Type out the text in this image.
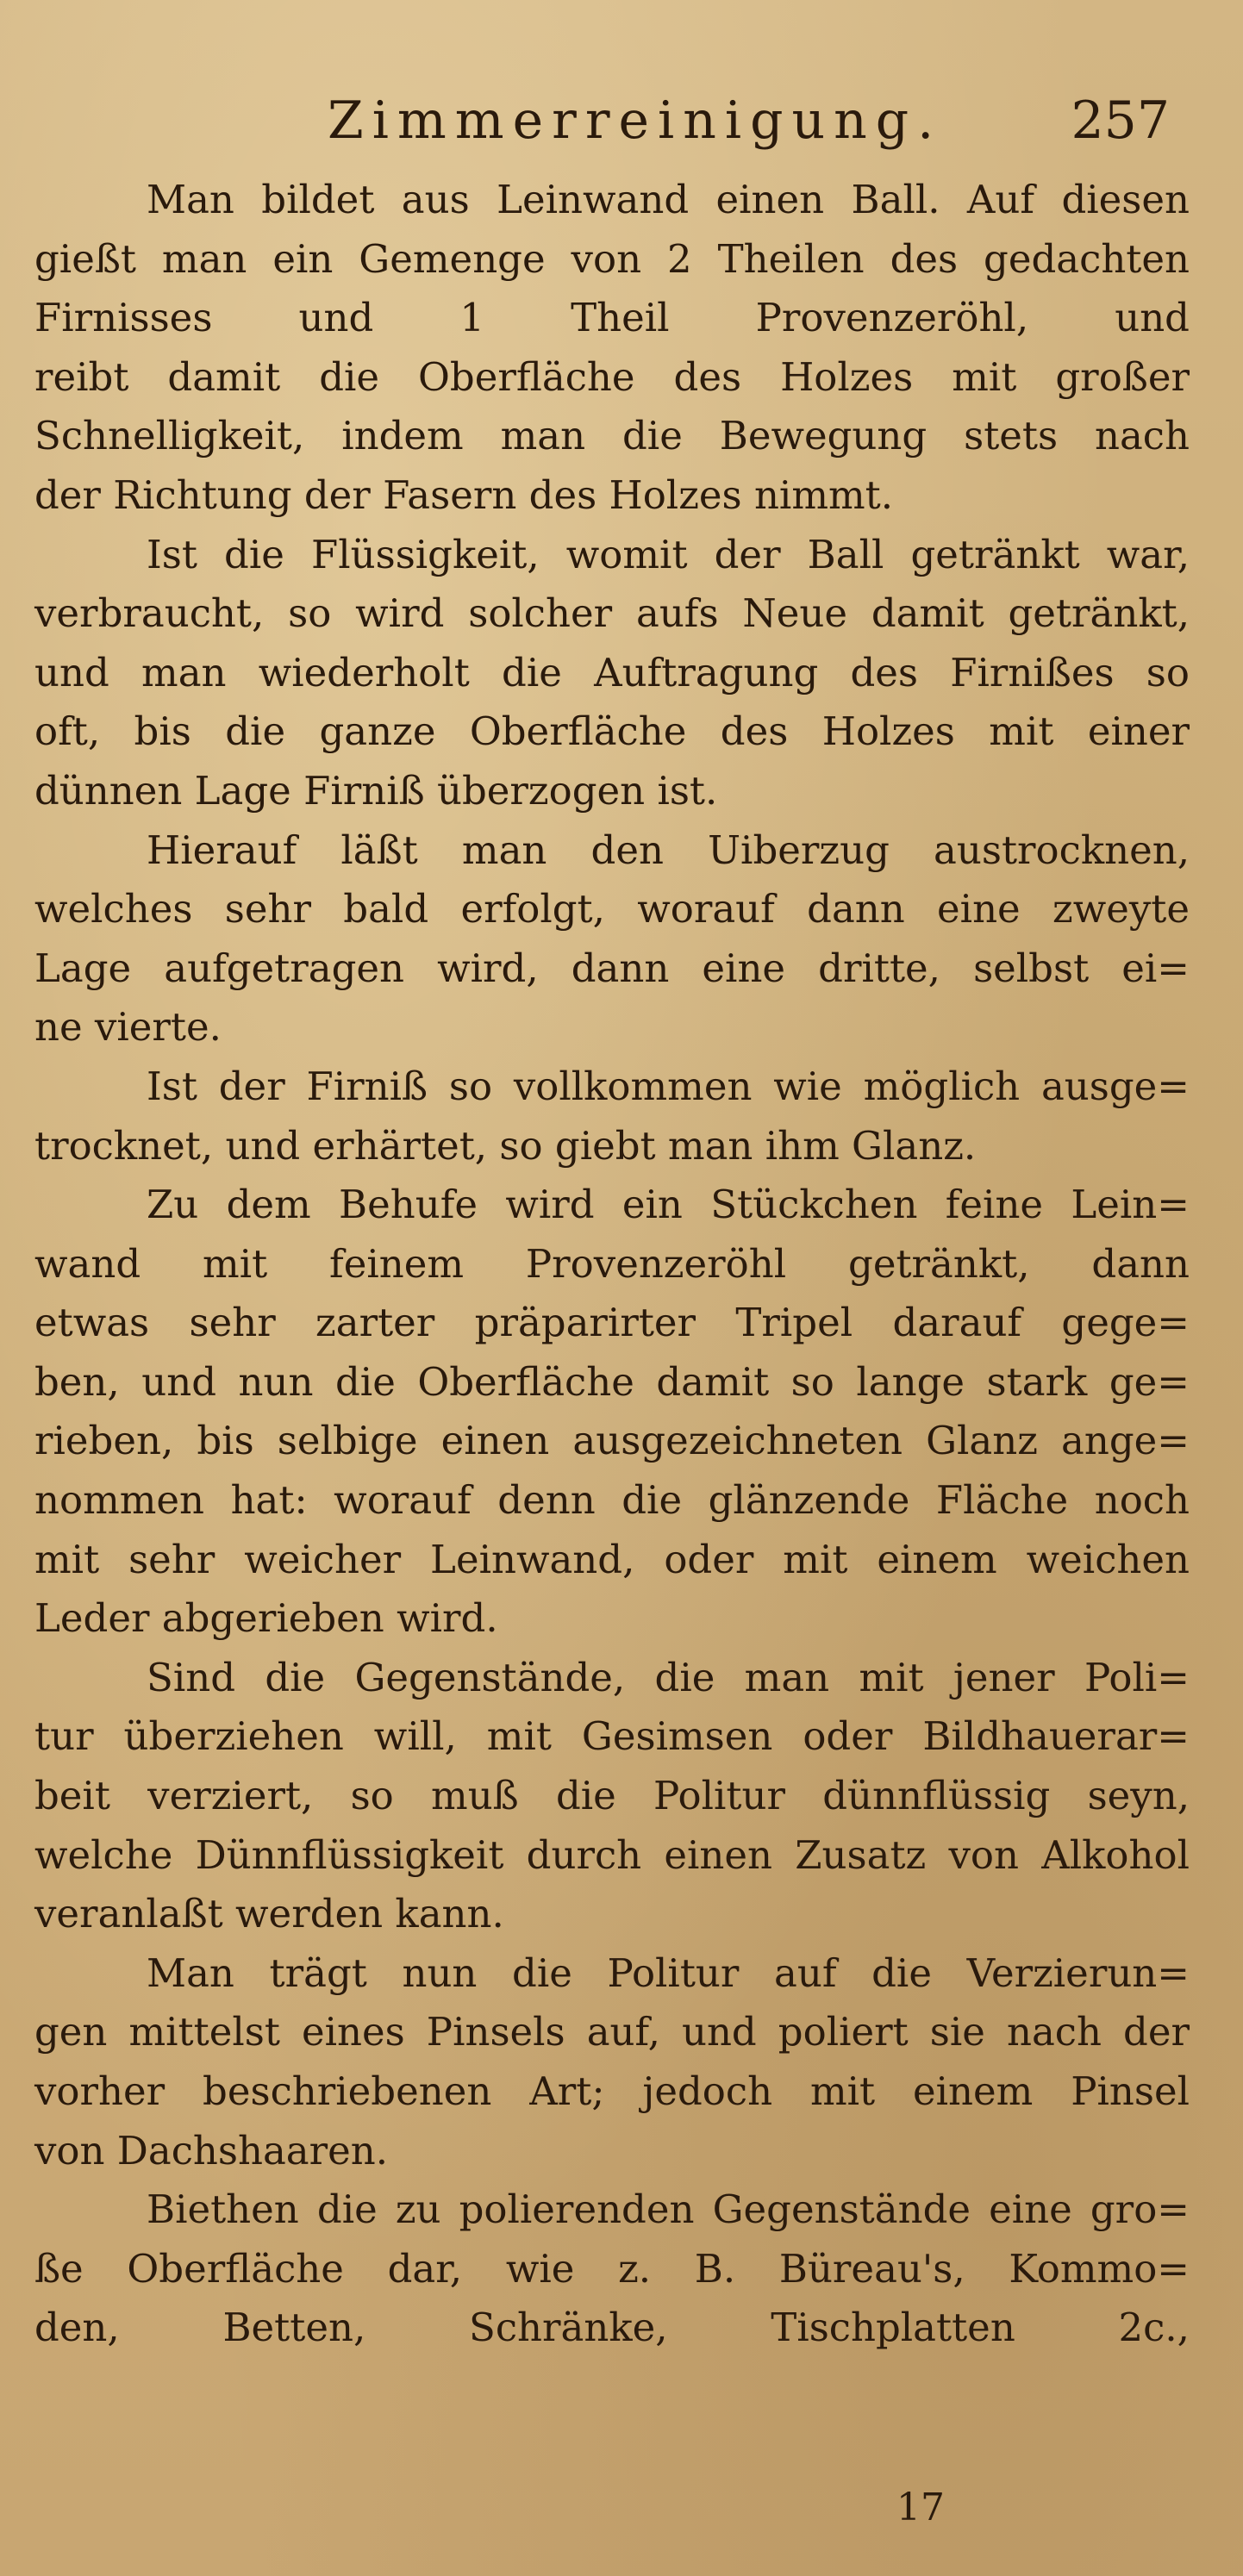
Zimmerreinigung. 257
Man bildet aus Leinwand einen Ball. Auf diesen
gießt man ein Gemenge von 2 Theilen des gedachten
Firnisses und 1 Theil Provenzeröhl, und
reibt damit die Oberfläche des Holzes mit großer
Schnelligkeit, indem man die Bewegung stets nach
der Richtung der Fasern des Holzes nimmt.
Ist die Flüssigkeit, womit der Ball getränkt war,
verbraucht, so wird solcher aufs Neue damit getränkt,
und man wiederholt die Auftragung des Firnißes so
oft, bis die ganze Oberfläche des Holzes mit einer
dünnen Lage Firniß überzogen ist.
Hierauf läßt man den Uiberzug austrocknen,
welches sehr bald erfolgt, worauf dann eine zweyte
Lage aufgetragen wird, dann eine dritte, selbst ei=
ne vierte.
Ist der Firniß so vollkommen wie möglich ausge=
trocknet, und erhärtet, so giebt man ihm Glanz.
Zu dem Behufe wird ein Stückchen feine Lein=
wand mit feinem Provenzeröhl getränkt, dann
etwas sehr zarter präparirter Tripel darauf gege=
ben, und nun die Oberfläche damit so lange stark ge=
rieben, bis selbige einen ausgezeichneten Glanz ange=
nommen hat: worauf denn die glänzende Fläche noch
mit sehr weicher Leinwand, oder mit einem weichen
Leder abgerieben wird.
Sind die Gegenstände, die man mit jener Poli=
tur überziehen will, mit Gesimsen oder Bildhauerar=
beit verziert, so muß die Politur dünnflüssig seyn,
welche Dünnflüssigkeit durch einen Zusatz von Alkohol
veranlaßt werden kann.
Man trägt nun die Politur auf die Verzierun=
gen mittelst eines Pinsels auf, und poliert sie nach der
vorher beschriebenen Art; jedoch mit einem Pinsel
von Dachshaaren.
Biethen die zu polierenden Gegenstände eine gro=
ße Oberfläche dar, wie z. B. Büreau's, Kommo=
den, Betten, Schränke, Tischplatten 2c.,
17
